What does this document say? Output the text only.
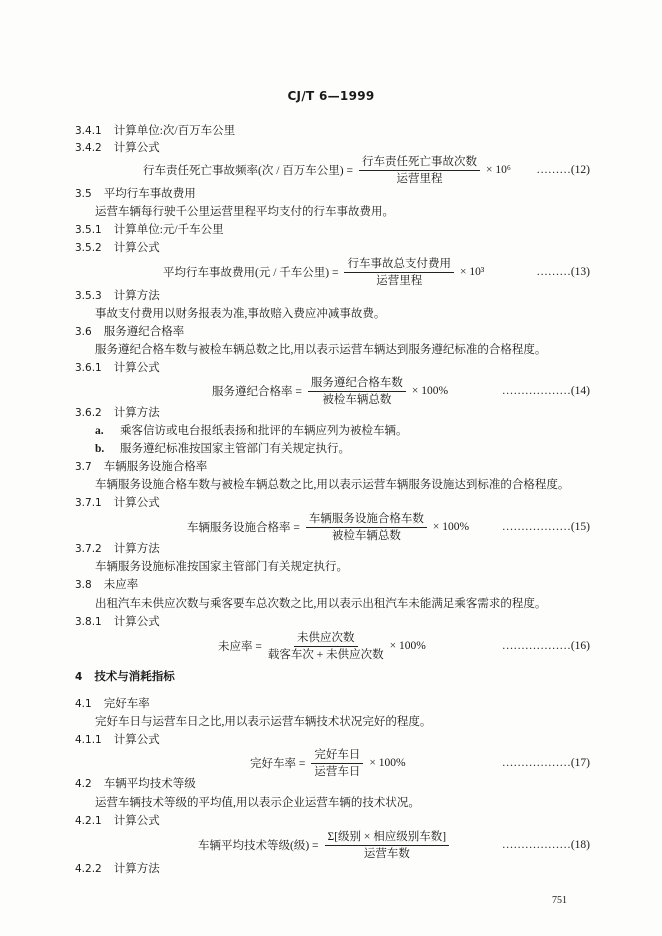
CJ/T 6—1999
3.4.1 计算单位:次/百万车公里
3.4.2 计算公式
行车责任死亡事故频率(次 / 百万车公里) = $\frac{\text{行车责任死亡事故次数}}{\text{运营里程}} \times 10^6$ ………(12)
3.5 平均行车事故费用
运营车辆每行驶千公里运营里程平均支付的行车事故费用。
3.5.1 计算单位:元/千车公里
3.5.2 计算公式
平均行车事故费用(元 / 千车公里) = $\frac{\text{行车事故总支付费用}}{\text{运营里程}} \times 10^3$	………(13)
3.5.3 计算方法
事故支付费用以财务报表为准,事故赔入费应冲减事故费。
3.6 服务遵纪合格率
服务遵纪合格车数与被检车辆总数之比,用以表示运营车辆达到服务遵纪标准的合格程度。
3.6.1 计算公式
服务遵纪合格率 = $\frac{\text{服务遵纪合格车数}}{\text{被检车辆总数}} \times 100\%$	………………(14)
3.6.2 计算方法
a. 乘客信访或电台报纸表扬和批评的车辆应列为被检车辆。
b. 服务遵纪标准按国家主管部门有关规定执行。
3.7 车辆服务设施合格率
车辆服务设施合格车数与被检车辆总数之比,用以表示运营车辆服务设施达到标准的合格程度。
3.7.1 计算公式
车辆服务设施合格率 = $\frac{\text{车辆服务设施合格车数}}{\text{被检车辆总数}} \times 100\%$	………………(15)
3.7.2 计算方法
车辆服务设施标准按国家主管部门有关规定执行。
3.8 未应率
出租汽车未供应次数与乘客要车总次数之比,用以表示出租汽车未能满足乘客需求的程度。
3.8.1 计算公式
未应率 = $\frac{\text{未供应次数}}{\text{载客车次 + 未供应次数}} \times 100\%$	………………(16)
4 技术与消耗指标
4.1 完好车率
完好车日与运营车日之比,用以表示运营车辆技术状况完好的程度。
4.1.1 计算公式
完好车率 = $\frac{\text{完好车日}}{\text{运营车日}} \times 100\%$	………………(17)
4.2 车辆平均技术等级
运营车辆技术等级的平均值,用以表示企业运营车辆的技术状况。
4.2.1 计算公式
车辆平均技术等级(级) = $\frac{\text{Σ[级别 × 相应级别车数]}}{\text{运营车数}}$	………………(18)
4.2.2 计算方法
751
